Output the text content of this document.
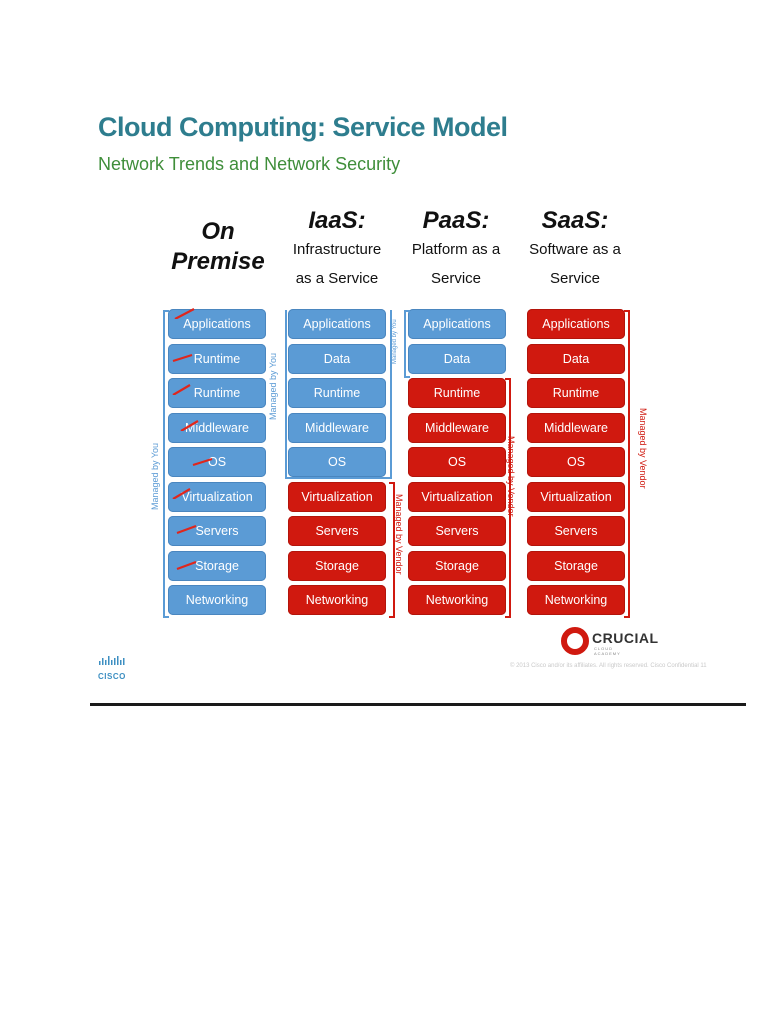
Cloud Computing: Service Model
Network Trends and Network Security
On
Premise
IaaS:
Infrastructure
as a Service
PaaS:
Platform as a
Service
SaaS:
Software as a
Service
Applications
Runtime
Runtime
Middleware
OS
Virtualization
Servers
Storage
Networking
Managed by You
Applications
Data
Runtime
Middleware
OS
Virtualization
Servers
Storage
Networking
Managed by You
Managed by Vendor
Applications
Data
Runtime
Middleware
OS
Virtualization
Servers
Storage
Networking
Managed by You
Managed by Vendor
Applications
Data
Runtime
Middleware
OS
Virtualization
Servers
Storage
Networking
Managed by Vendor
CRUCIAL
CLOUD ACADEMY
CISCO
© 2013 Cisco and/or its affiliates. All rights reserved. Cisco Confidential 11
